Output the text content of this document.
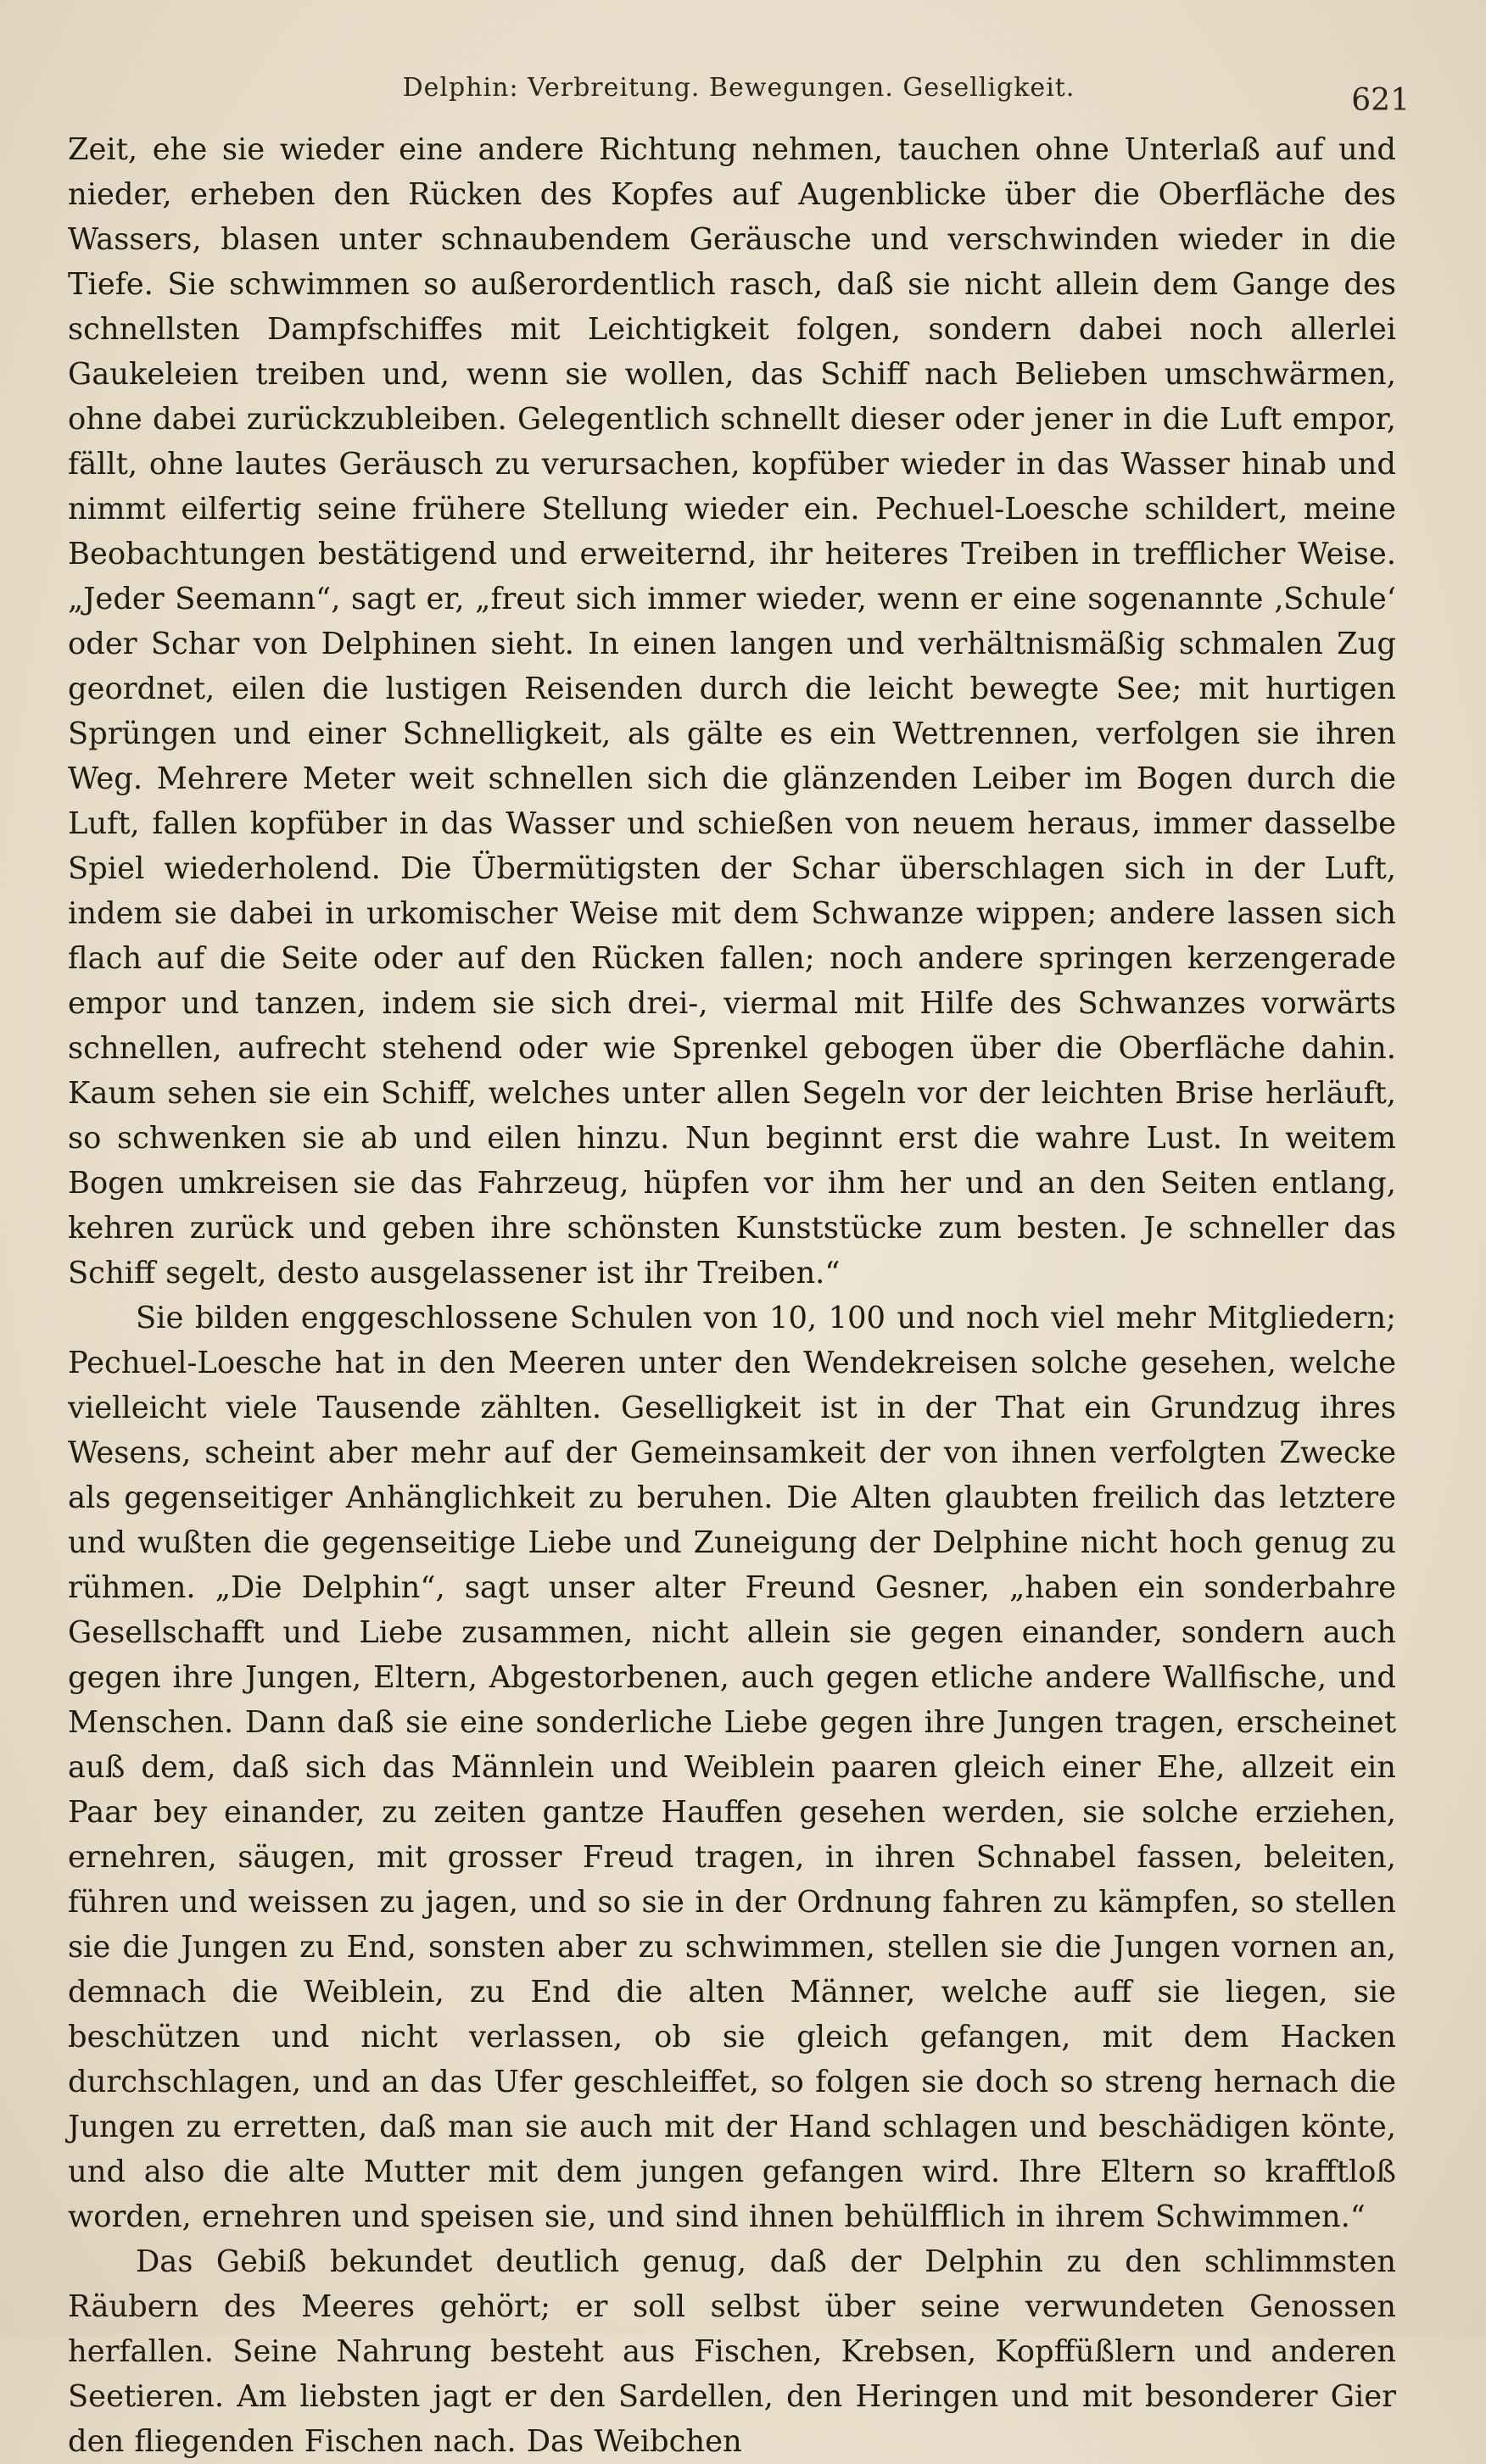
Delphin: Verbreitung. Bewegungen. Geselligkeit.	621

Zeit, ehe sie wieder eine andere Richtung nehmen, tauchen ohne Unterlaß auf und nieder, erheben den Rücken des Kopfes auf Augenblicke über die Oberfläche des Wassers, blasen unter schnaubendem Geräusche und verschwinden wieder in die Tiefe. Sie schwimmen so außerordentlich rasch, daß sie nicht allein dem Gange des schnellsten Dampfschiffes mit Leichtigkeit folgen, sondern dabei noch allerlei Gaukeleien treiben und, wenn sie wollen, das Schiff nach Belieben umschwärmen, ohne dabei zurückzubleiben. Gelegentlich schnellt dieser oder jener in die Luft empor, fällt, ohne lautes Geräusch zu verursachen, kopfüber wieder in das Wasser hinab und nimmt eilfertig seine frühere Stellung wieder ein. Pechuel-Loesche schildert, meine Beobachtungen bestätigend und erweiternd, ihr heiteres Treiben in trefflicher Weise. „Jeder Seemann“, sagt er, „freut sich immer wieder, wenn er eine sogenannte ‚Schule‘ oder Schar von Delphinen sieht. In einen langen und verhältnismäßig schmalen Zug geordnet, eilen die lustigen Reisenden durch die leicht bewegte See; mit hurtigen Sprüngen und einer Schnelligkeit, als gälte es ein Wettrennen, verfolgen sie ihren Weg. Mehrere Meter weit schnellen sich die glänzenden Leiber im Bogen durch die Luft, fallen kopfüber in das Wasser und schießen von neuem heraus, immer dasselbe Spiel wiederholend. Die Übermütigsten der Schar überschlagen sich in der Luft, indem sie dabei in urkomischer Weise mit dem Schwanze wippen; andere lassen sich flach auf die Seite oder auf den Rücken fallen; noch andere springen kerzengerade empor und tanzen, indem sie sich drei-, viermal mit Hilfe des Schwanzes vorwärts schnellen, aufrecht stehend oder wie Sprenkel gebogen über die Oberfläche dahin. Kaum sehen sie ein Schiff, welches unter allen Segeln vor der leichten Brise herläuft, so schwenken sie ab und eilen hinzu. Nun beginnt erst die wahre Lust. In weitem Bogen umkreisen sie das Fahrzeug, hüpfen vor ihm her und an den Seiten entlang, kehren zurück und geben ihre schönsten Kunststücke zum besten. Je schneller das Schiff segelt, desto ausgelassener ist ihr Treiben.“

Sie bilden enggeschlossene Schulen von 10, 100 und noch viel mehr Mitgliedern; Pechuel-Loesche hat in den Meeren unter den Wendekreisen solche gesehen, welche vielleicht viele Tausende zählten. Geselligkeit ist in der That ein Grundzug ihres Wesens, scheint aber mehr auf der Gemeinsamkeit der von ihnen verfolgten Zwecke als gegenseitiger Anhänglichkeit zu beruhen. Die Alten glaubten freilich das letztere und wußten die gegenseitige Liebe und Zuneigung der Delphine nicht hoch genug zu rühmen. „Die Delphin“, sagt unser alter Freund Gesner, „haben ein sonderbahre Gesellschafft und Liebe zusammen, nicht allein sie gegen einander, sondern auch gegen ihre Jungen, Eltern, Abgestorbenen, auch gegen etliche andere Wallfische, und Menschen. Dann daß sie eine sonderliche Liebe gegen ihre Jungen tragen, erscheinet auß dem, daß sich das Männlein und Weiblein paaren gleich einer Ehe, allzeit ein Paar bey einander, zu zeiten gantze Hauffen gesehen werden, sie solche erziehen, ernehren, säugen, mit grosser Freud tragen, in ihren Schnabel fassen, beleiten, führen und weissen zu jagen, und so sie in der Ordnung fahren zu kämpfen, so stellen sie die Jungen zu End, sonsten aber zu schwimmen, stellen sie die Jungen vornen an, demnach die Weiblein, zu End die alten Männer, welche auff sie liegen, sie beschützen und nicht verlassen, ob sie gleich gefangen, mit dem Hacken durchschlagen, und an das Ufer geschleiffet, so folgen sie doch so streng hernach die Jungen zu erretten, daß man sie auch mit der Hand schlagen und beschädigen könte, und also die alte Mutter mit dem jungen gefangen wird. Ihre Eltern so krafftloß worden, ernehren und speisen sie, und sind ihnen behülfflich in ihrem Schwimmen.“

Das Gebiß bekundet deutlich genug, daß der Delphin zu den schlimmsten Räubern des Meeres gehört; er soll selbst über seine verwundeten Genossen herfallen. Seine Nahrung besteht aus Fischen, Krebsen, Kopffüßlern und anderen Seetieren. Am liebsten jagt er den Sardellen, den Heringen und mit besonderer Gier den fliegenden Fischen nach. Das Weibchen
